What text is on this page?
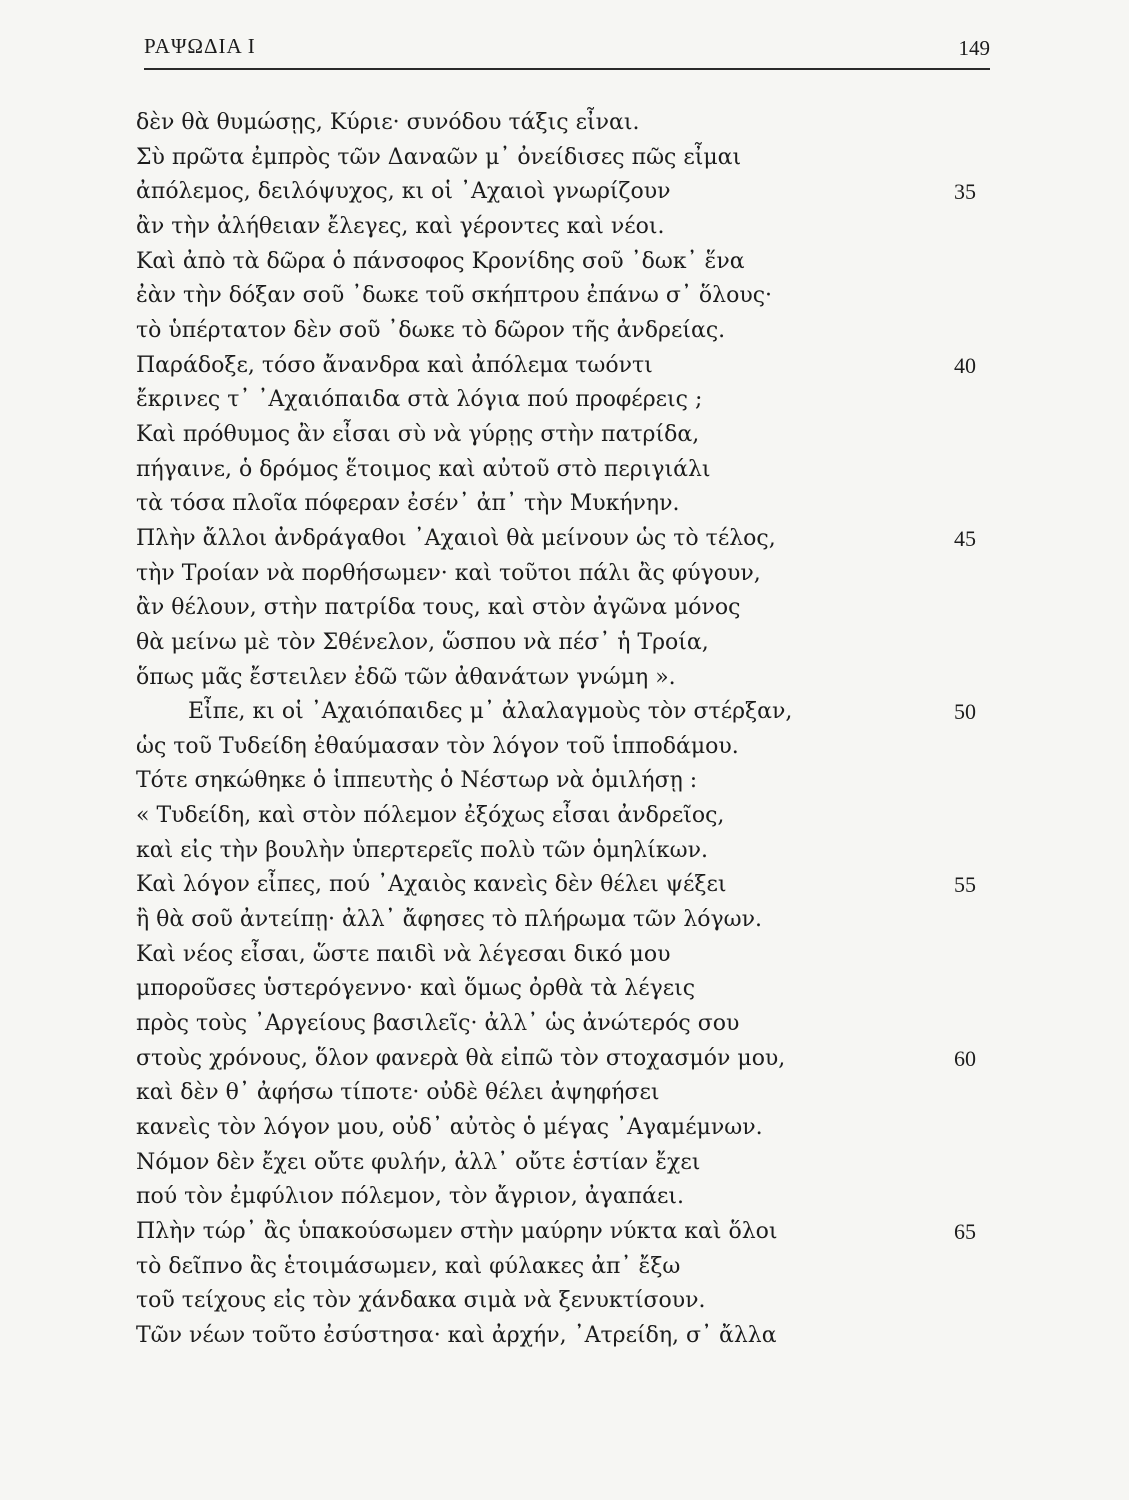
ΡΑΨΩΔΙΑ Ι	149
δὲν θὰ θυμώσῃς, Κύριε· συνόδου τάξις εἶναι.
Σὺ πρῶτα ἐμπρὸς τῶν Δαναῶν μ᾽ ὀνείδισες πῶς εἶμαι
ἀπόλεμος, δειλόψυχος, κι οἱ ᾽Αχαιοὶ γνωρίζουν	35
ἂν τὴν ἀλήθειαν ἔλεγες, καὶ γέροντες καὶ νέοι.
Καὶ ἀπὸ τὰ δῶρα ὁ πάνσοφος Κρονίδης σοῦ ᾽δωκ᾽ ἕνα
ἐὰν τὴν δόξαν σοῦ ᾽δωκε τοῦ σκήπτρου ἐπάνω σ᾽ ὅλους·
τὸ ὑπέρτατον δὲν σοῦ ᾽δωκε τὸ δῶρον τῆς ἀνδρείας.
Παράδοξε, τόσο ἄνανδρα καὶ ἀπόλεμα τωόντι	40
ἔκρινες τ᾽ ᾽Αχαιόπαιδα στὰ λόγια πού προφέρεις ;
Καὶ πρόθυμος ἂν εἶσαι σὺ νὰ γύρῃς στὴν πατρίδα,
πήγαινε, ὁ δρόμος ἕτοιμος καὶ αὐτοῦ στὸ περιγιάλι
τὰ τόσα πλοῖα πόφεραν ἐσέν᾽ ἀπ᾽ τὴν Μυκήνην.
Πλὴν ἄλλοι ἀνδράγαθοι ᾽Αχαιοὶ θὰ μείνουν ὡς τὸ τέλος,	45
τὴν Τροίαν νὰ πορθήσωμεν· καὶ τοῦτοι πάλι ἂς φύγουν,
ἂν θέλουν, στὴν πατρίδα τους, καὶ στὸν ἀγῶνα μόνος
θὰ μείνω μὲ τὸν Σθένελον, ὥσπου νὰ πέσ᾽ ἡ Τροία,
ὅπως μᾶς ἔστειλεν ἐδῶ τῶν ἀθανάτων γνώμη ».
Εἶπε, κι οἱ ᾽Αχαιόπαιδες μ᾽ ἀλαλαγμοὺς τὸν στέρξαν,	50
ὡς τοῦ Τυδείδη ἐθαύμασαν τὸν λόγον τοῦ ἱπποδάμου.
Τότε σηκώθηκε ὁ ἱππευτὴς ὁ Νέστωρ νὰ ὁμιλήσῃ :
« Τυδείδη, καὶ στὸν πόλεμον ἐξόχως εἶσαι ἀνδρεῖος,
καὶ εἰς τὴν βουλὴν ὑπερτερεῖς πολὺ τῶν ὁμηλίκων.
Καὶ λόγον εἶπες, πού ᾽Αχαιὸς κανεὶς δὲν θέλει ψέξει	55
ἢ θὰ σοῦ ἀντείπῃ· ἀλλ᾽ ἄφησες τὸ πλήρωμα τῶν λόγων.
Καὶ νέος εἶσαι, ὥστε παιδὶ νὰ λέγεσαι δικό μου
μποροῦσες ὑστερόγεννο· καὶ ὅμως ὀρθὰ τὰ λέγεις
πρὸς τοὺς ᾽Αργείους βασιλεῖς· ἀλλ᾽ ὡς ἀνώτερός σου
στοὺς χρόνους, ὅλον φανερὰ θὰ εἰπῶ τὸν στοχασμόν μου,	60
καὶ δὲν θ᾽ ἀφήσω τίποτε· οὐδὲ θέλει ἀψηφήσει
κανεὶς τὸν λόγον μου, οὐδ᾽ αὐτὸς ὁ μέγας ᾽Αγαμέμνων.
Νόμον δὲν ἔχει οὔτε φυλήν, ἀλλ᾽ οὔτε ἑστίαν ἔχει
πού τὸν ἐμφύλιον πόλεμον, τὸν ἄγριον, ἀγαπάει.
Πλὴν τώρ᾽ ἂς ὑπακούσωμεν στὴν μαύρην νύκτα καὶ ὅλοι	65
τὸ δεῖπνο ἂς ἑτοιμάσωμεν, καὶ φύλακες ἀπ᾽ ἔξω
τοῦ τείχους εἰς τὸν χάνδακα σιμὰ νὰ ξενυκτίσουν.
Τῶν νέων τοῦτο ἐσύστησα· καὶ ἀρχήν, ᾽Ατρείδη, σ᾽ ἄλλα
